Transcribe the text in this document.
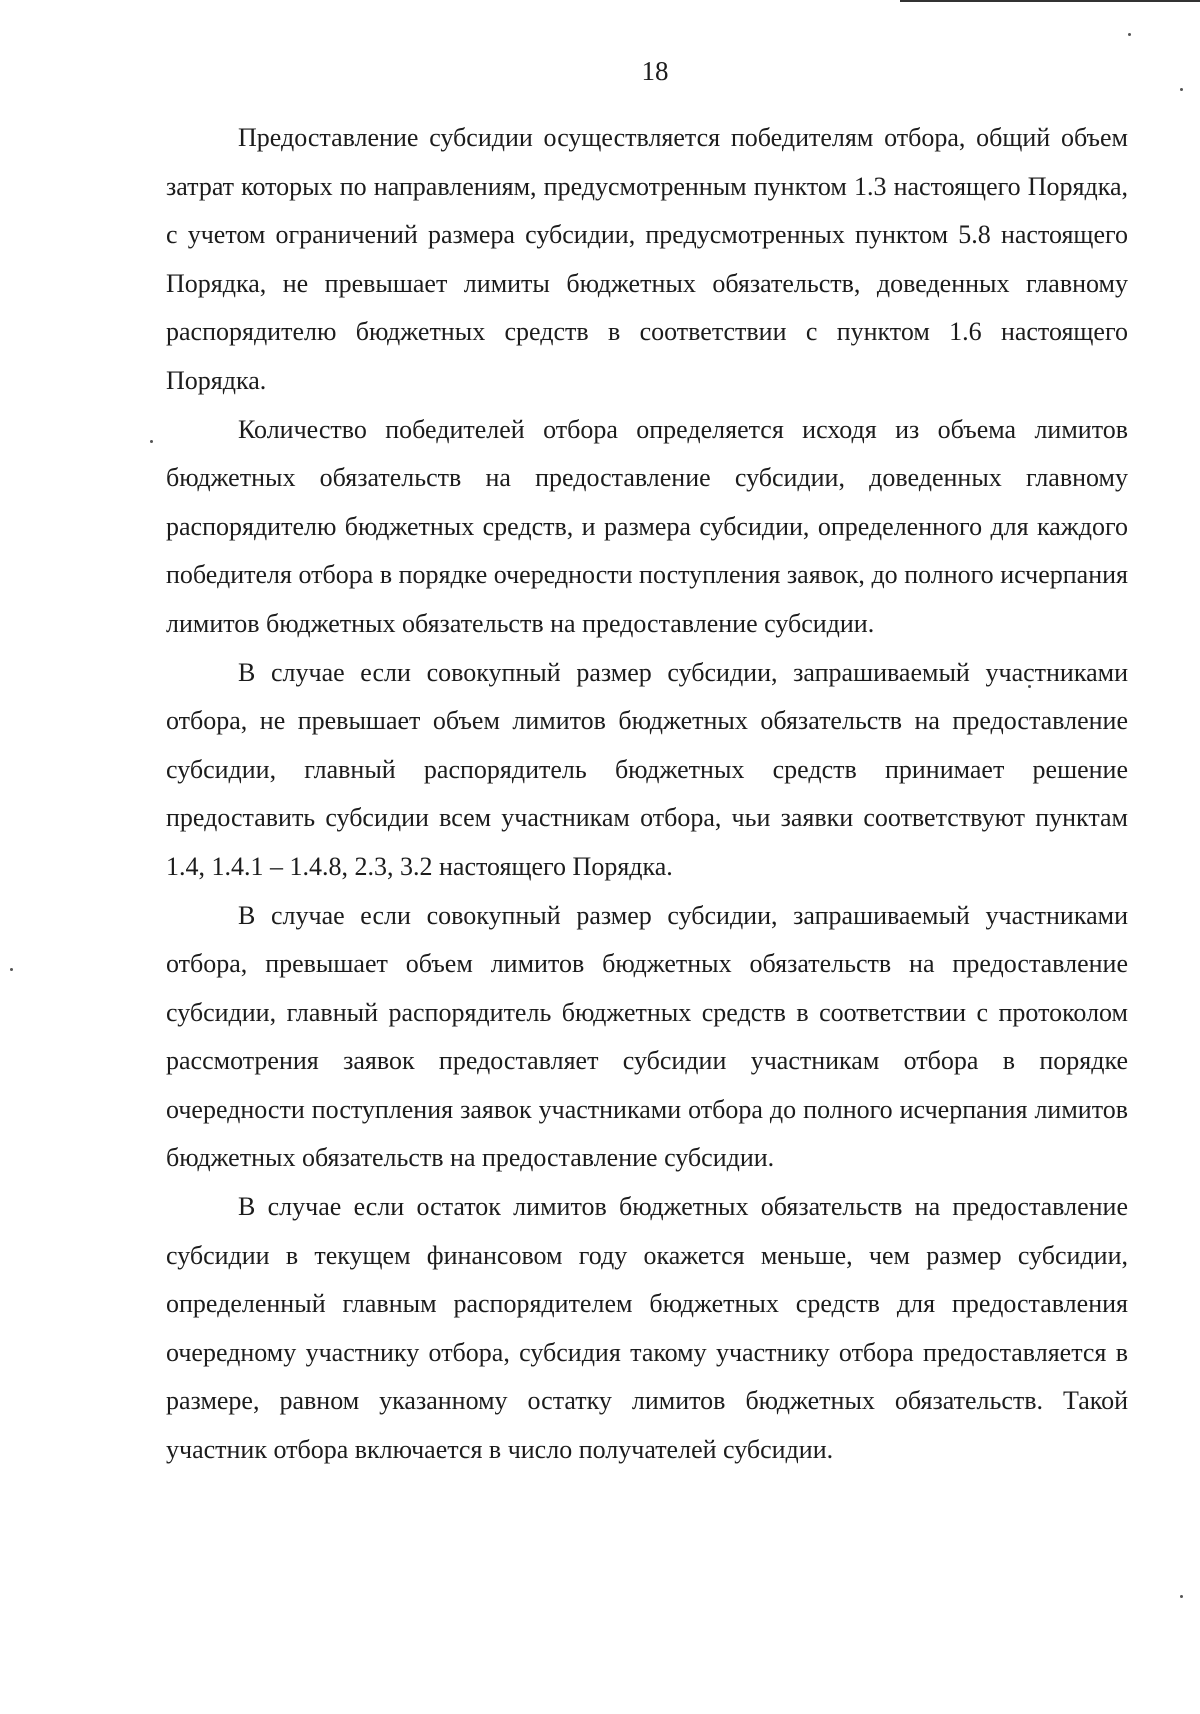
18

Предоставление субсидии осуществляется победителям отбора, общий объем затрат которых по направлениям, предусмотренным пунктом 1.3 настоящего Порядка, с учетом ограничений размера субсидии, предусмотренных пунктом 5.8 настоящего Порядка, не превышает лимиты бюджетных обязательств, доведенных главному распорядителю бюджетных средств в соответствии с пунктом 1.6 настоящего Порядка.

Количество победителей отбора определяется исходя из объема лимитов бюджетных обязательств на предоставление субсидии, доведенных главному распорядителю бюджетных средств, и размера субсидии, определенного для каждого победителя отбора в порядке очередности поступления заявок, до полного исчерпания лимитов бюджетных обязательств на предоставление субсидии.

В случае если совокупный размер субсидии, запрашиваемый участниками отбора, не превышает объем лимитов бюджетных обязательств на предоставление субсидии, главный распорядитель бюджетных средств принимает решение предоставить субсидии всем участникам отбора, чьи заявки соответствуют пунктам 1.4, 1.4.1 – 1.4.8, 2.3, 3.2 настоящего Порядка.

В случае если совокупный размер субсидии, запрашиваемый участниками отбора, превышает объем лимитов бюджетных обязательств на предоставление субсидии, главный распорядитель бюджетных средств в соответствии с протоколом рассмотрения заявок предоставляет субсидии участникам отбора в порядке очередности поступления заявок участниками отбора до полного исчерпания лимитов бюджетных обязательств на предоставление субсидии.

В случае если остаток лимитов бюджетных обязательств на предоставление субсидии в текущем финансовом году окажется меньше, чем размер субсидии, определенный главным распорядителем бюджетных средств для предоставления очередному участнику отбора, субсидия такому участнику отбора предоставляется в размере, равном указанному остатку лимитов бюджетных обязательств. Такой участник отбора включается в число получателей субсидии.
